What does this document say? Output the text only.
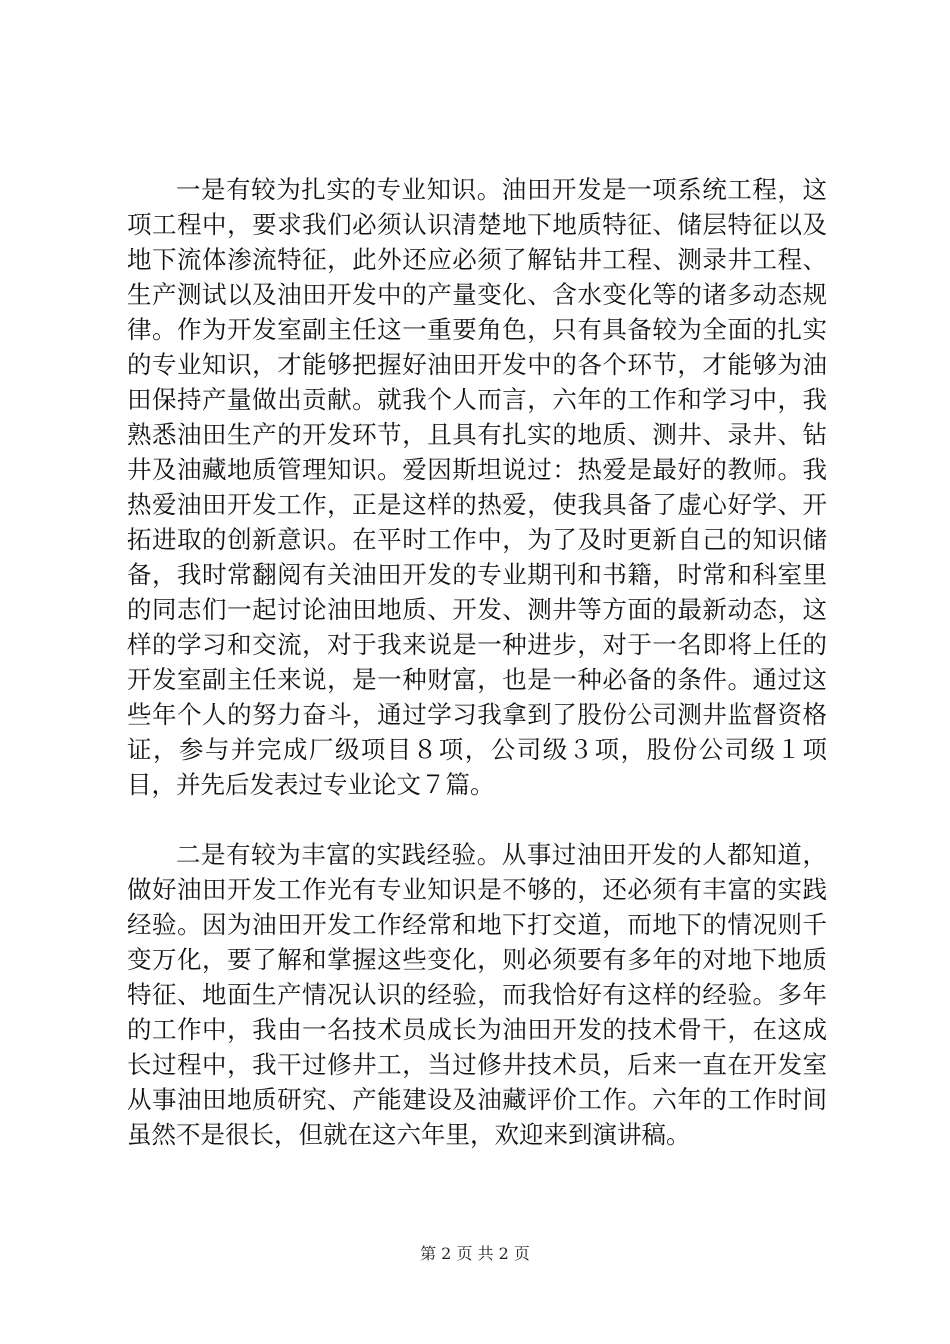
一是有较为扎实的专业知识。油田开发是一项系统工程，这项工程中，要求我们必须认识清楚地下地质特征、储层特征以及地下流体渗流特征，此外还应必须了解钻井工程、测录井工程、生产测试以及油田开发中的产量变化、含水变化等的诸多动态规律。作为开发室副主任这一重要角色，只有具备较为全面的扎实的专业知识，才能够把握好油田开发中的各个环节，才能够为油田保持产量做出贡献。就我个人而言，六年的工作和学习中，我熟悉油田生产的开发环节，且具有扎实的地质、测井、录井、钻井及油藏地质管理知识。爱因斯坦说过：热爱是最好的教师。我热爱油田开发工作，正是这样的热爱，使我具备了虚心好学、开拓进取的创新意识。在平时工作中，为了及时更新自己的知识储备，我时常翻阅有关油田开发的专业期刊和书籍，时常和科室里的同志们一起讨论油田地质、开发、测井等方面的最新动态，这样的学习和交流，对于我来说是一种进步，对于一名即将上任的开发室副主任来说，是一种财富，也是一种必备的条件。通过这些年个人的努力奋斗，通过学习我拿到了股份公司测井监督资格证，参与并完成厂级项目８项，公司级３项，股份公司级１项目，并先后发表过专业论文７篇。

二是有较为丰富的实践经验。从事过油田开发的人都知道，做好油田开发工作光有专业知识是不够的，还必须有丰富的实践经验。因为油田开发工作经常和地下打交道，而地下的情况则千变万化，要了解和掌握这些变化，则必须要有多年的对地下地质特征、地面生产情况认识的经验，而我恰好有这样的经验。多年的工作中，我由一名技术员成长为油田开发的技术骨干，在这成长过程中，我干过修井工，当过修井技术员，后来一直在开发室从事油田地质研究、产能建设及油藏评价工作。六年的工作时间虽然不是很长，但就在这六年里，欢迎来到演讲稿。

第 2 页 共 2 页
